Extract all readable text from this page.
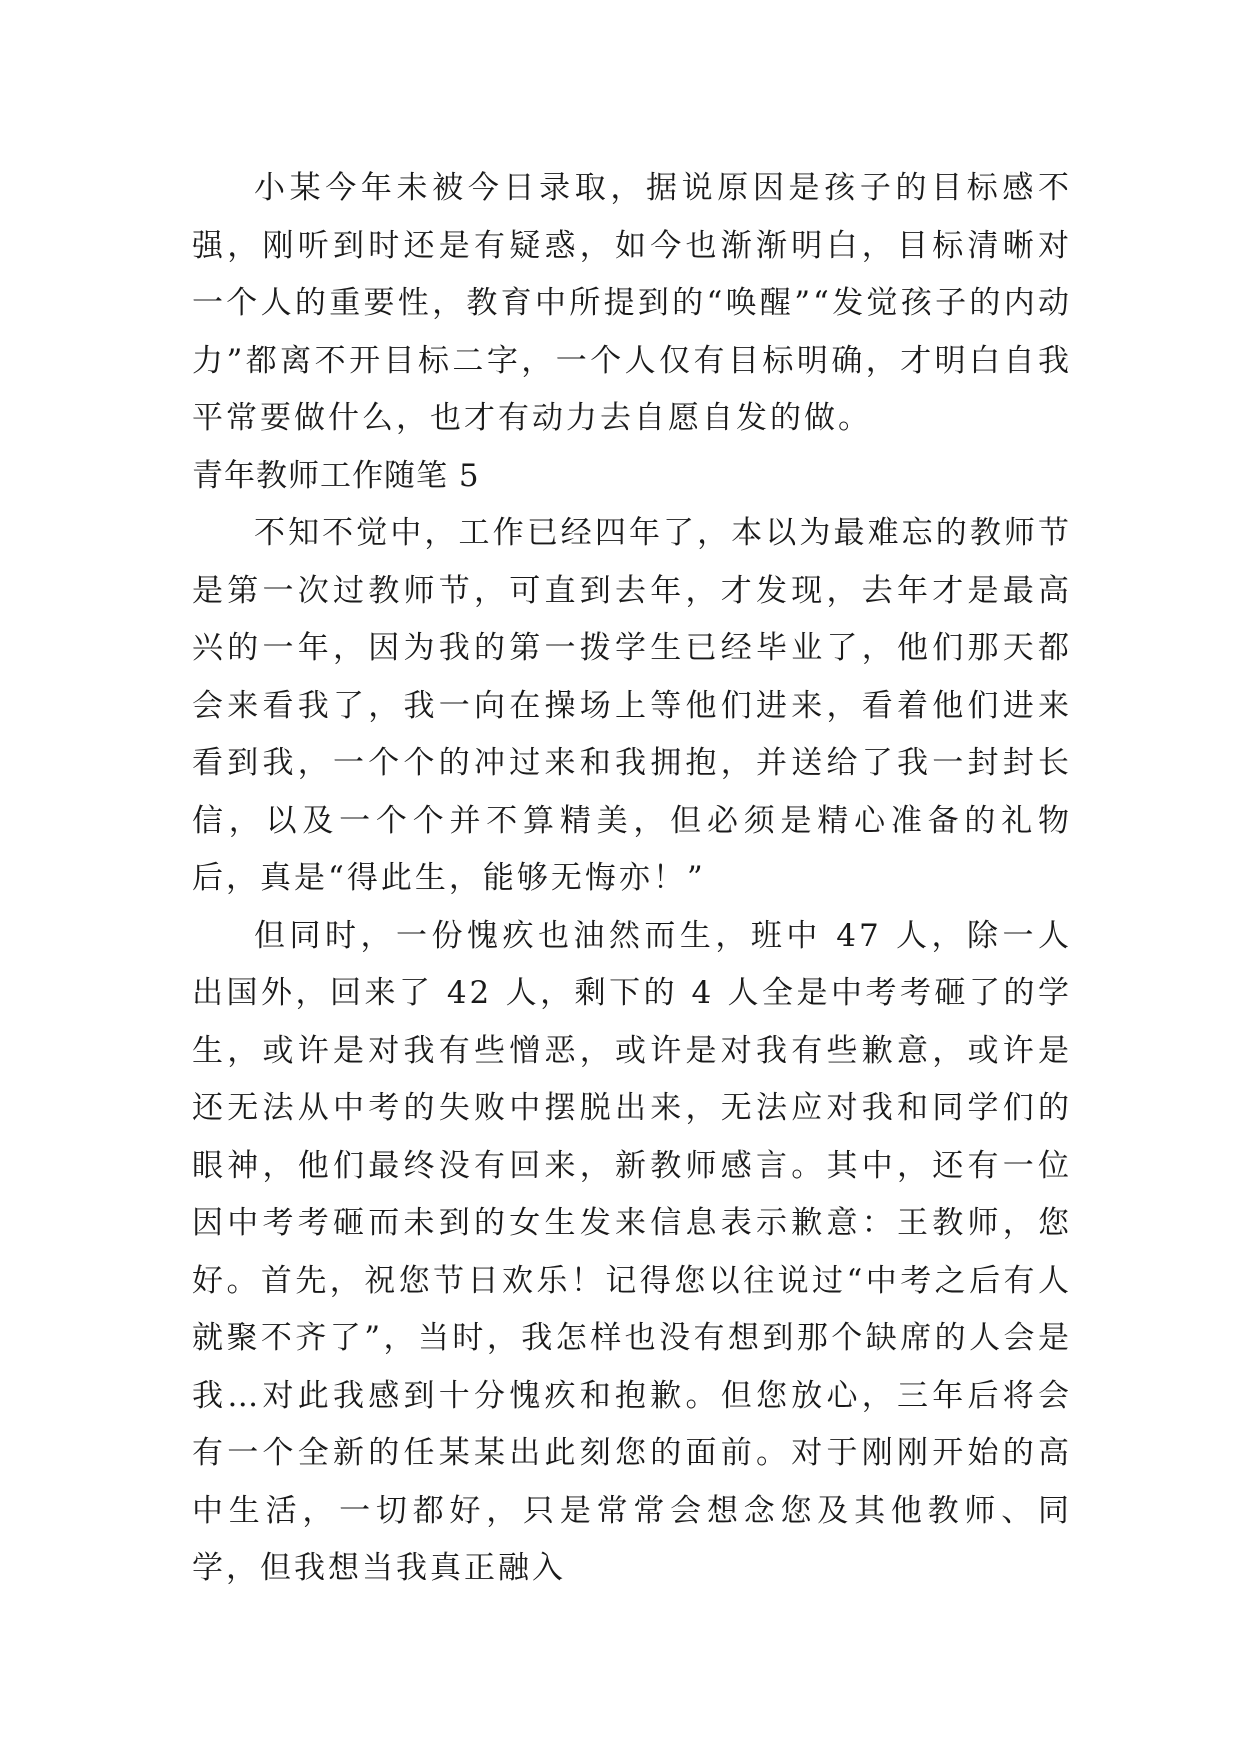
小某今年未被今日录取，据说原因是孩子的目标感不强，刚听到时还是有疑惑，如今也渐渐明白，目标清晰对一个人的重要性，教育中所提到的“唤醒”“发觉孩子的内动力”都离不开目标二字，一个人仅有目标明确，才明白自我平常要做什么，也才有动力去自愿自发的做。

青年教师工作随笔 5

不知不觉中，工作已经四年了，本以为最难忘的教师节是第一次过教师节，可直到去年，才发现，去年才是最高兴的一年，因为我的第一拨学生已经毕业了，他们那天都会来看我了，我一向在操场上等他们进来，看着他们进来看到我，一个个的冲过来和我拥抱，并送给了我一封封长信，以及一个个并不算精美，但必须是精心准备的礼物后，真是“得此生，能够无悔亦！”

但同时，一份愧疚也油然而生，班中 47 人，除一人出国外，回来了 42 人，剩下的 4 人全是中考考砸了的学生，或许是对我有些憎恶，或许是对我有些歉意，或许是还无法从中考的失败中摆脱出来，无法应对我和同学们的眼神，他们最终没有回来，新教师感言。其中，还有一位因中考考砸而未到的女生发来信息表示歉意：王教师，您好。首先，祝您节日欢乐！记得您以往说过“中考之后有人就聚不齐了”，当时，我怎样也没有想到那个缺席的人会是我…对此我感到十分愧疚和抱歉。但您放心，三年后将会有一个全新的任某某出此刻您的面前。对于刚刚开始的高中生活，一切都好，只是常常会想念您及其他教师、同学，但我想当我真正融入
